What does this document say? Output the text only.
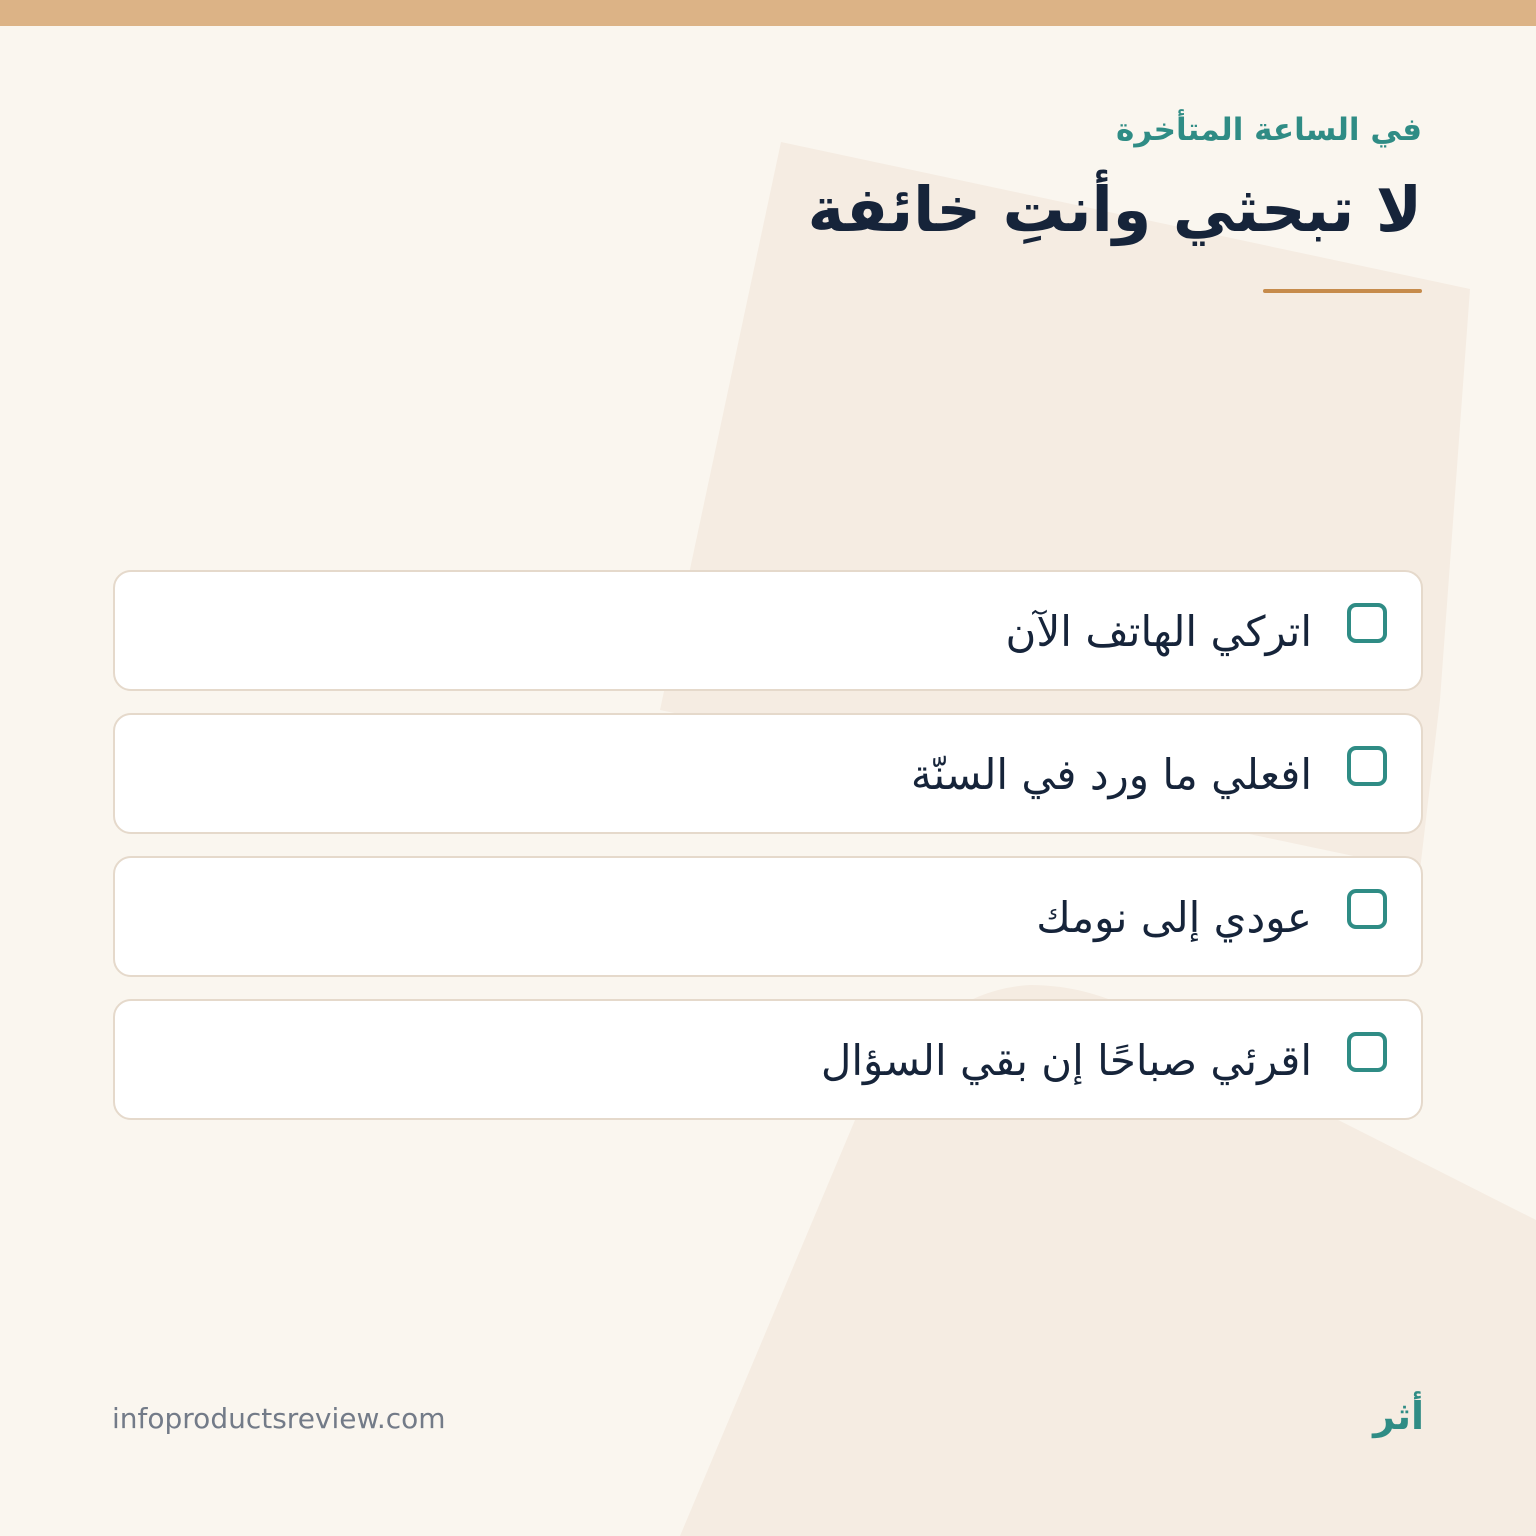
في الساعة المتأخرة
لا تبحثي وأنتِ خائفة
اتركي الهاتف الآن
افعلي ما ورد في السنّة
عودي إلى نومك
اقرئي صباحًا إن بقي السؤال
infoproductsreview.com	أثر
